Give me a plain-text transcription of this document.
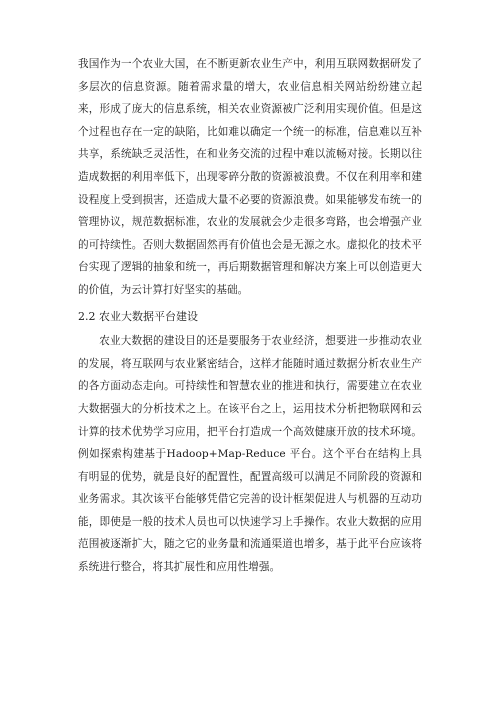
我国作为一个农业大国，在不断更新农业生产中，利用互联网数据研发了多层次的信息资源。随着需求量的增大，农业信息相关网站纷纷建立起来，形成了庞大的信息系统，相关农业资源被广泛利用实现价值。但是这个过程也存在一定的缺陷，比如难以确定一个统一的标准，信息难以互补共享，系统缺乏灵活性，在和业务交流的过程中难以流畅对接。长期以往造成数据的利用率低下，出现零碎分散的资源被浪费。不仅在利用率和建设程度上受到损害，还造成大量不必要的资源浪费。如果能够发布统一的管理协议，规范数据标准，农业的发展就会少走很多弯路，也会增强产业的可持续性。否则大数据固然再有价值也会是无源之水。虚拟化的技术平台实现了逻辑的抽象和统一，再后期数据管理和解决方案上可以创造更大的价值，为云计算打好坚实的基础。

2.2 农业大数据平台建设

农业大数据的建设目的还是要服务于农业经济，想要进一步推动农业的发展，将互联网与农业紧密结合，这样才能随时通过数据分析农业生产的各方面动态走向。可持续性和智慧农业的推进和执行，需要建立在农业大数据强大的分析技术之上。在该平台之上，运用技术分析把物联网和云计算的技术优势学习应用，把平台打造成一个高效健康开放的技术环境。例如探索构建基于Hadoop+Map-Reduce 平台。这个平台在结构上具有明显的优势，就是良好的配置性，配置高级可以满足不同阶段的资源和业务需求。其次该平台能够凭借它完善的设计框架促进人与机器的互动功能，即使是一般的技术人员也可以快速学习上手操作。农业大数据的应用范围被逐渐扩大，随之它的业务量和流通渠道也增多，基于此平台应该将系统进行整合，将其扩展性和应用性增强。
